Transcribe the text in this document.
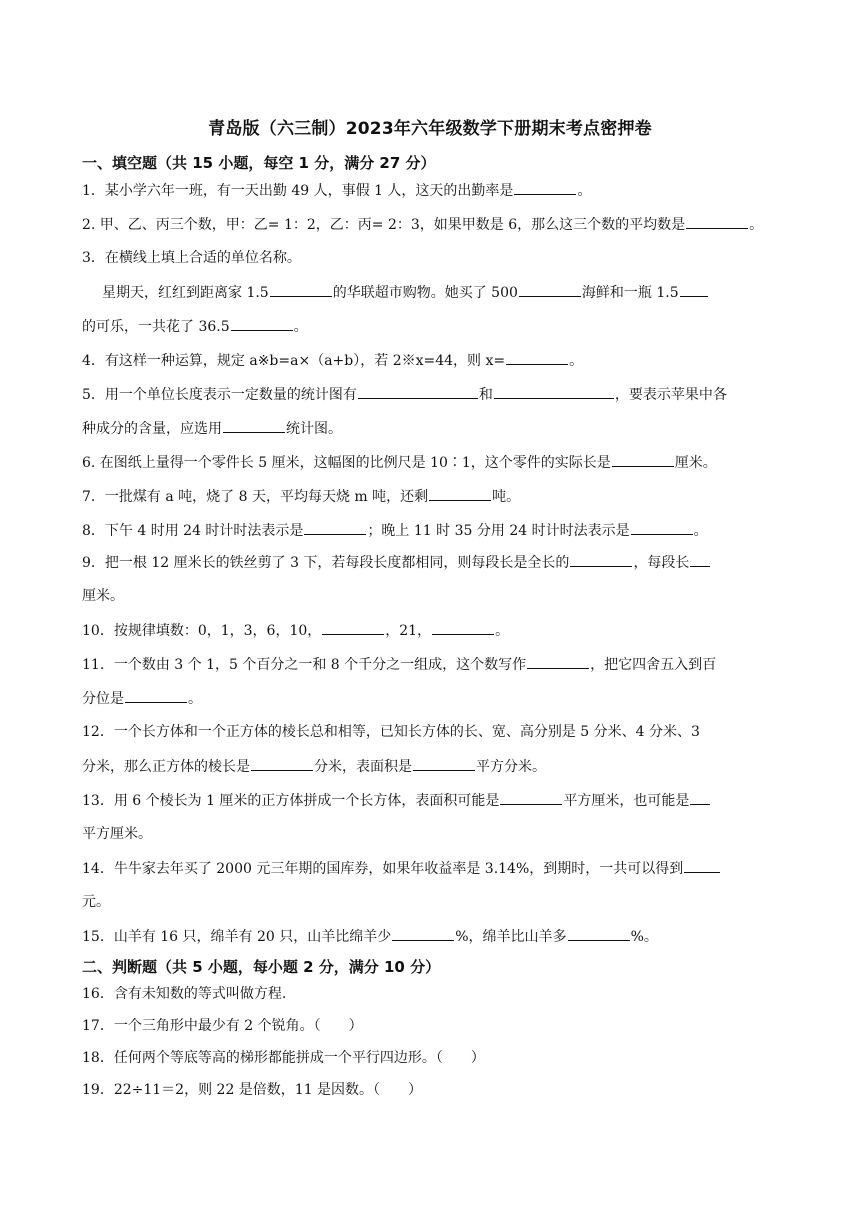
青岛版（六三制）2023年六年级数学下册期末考点密押卷
一、填空题（共 15 小题，每空 1 分，满分 27 分）
1．某小学六年一班，有一天出勤 49 人，事假 1 人，这天的出勤率是	。
2. 甲、乙、丙三个数，甲：乙= 1：2，乙：丙= 2：3，如果甲数是 6，那么这三个数的平均数是	。
3．在横线上填上合适的单位名称。
星期天，红红到距离家 1.5	的华联超市购物。她买了 500	海鲜和一瓶 1.5
的可乐，一共花了 36.5	。
4．有这样一种运算，规定 a※b=a×（a+b），若 2※x=44，则 x=	。
5．用一个单位长度表示一定数量的统计图有	和	，要表示苹果中各
种成分的含量，应选用	统计图。
6. 在图纸上量得一个零件长 5 厘米，这幅图的比例尺是 10∶1，这个零件的实际长是	厘米。
7．一批煤有 a 吨，烧了 8 天，平均每天烧 m 吨，还剩	吨。
8．下午 4 时用 24 时计时法表示是	；晚上 11 时 35 分用 24 时计时法表示是	。
9．把一根 12 厘米长的铁丝剪了 3 下，若每段长度都相同，则每段长是全长的	，每段长
厘米。
10．按规律填数：0，1，3，6，10，	，21，	。
11．一个数由 3 个 1，5 个百分之一和 8 个千分之一组成，这个数写作	，把它四舍五入到百
分位是	。
12．一个长方体和一个正方体的棱长总和相等，已知长方体的长、宽、高分别是 5 分米、4 分米、3
分米，那么正方体的棱长是	分米，表面积是	平方分米。
13．用 6 个棱长为 1 厘米的正方体拼成一个长方体，表面积可能是	平方厘米，也可能是
平方厘米。
14．牛牛家去年买了 2000 元三年期的国库券，如果年收益率是 3.14%，到期时，一共可以得到
元。
15．山羊有 16 只，绵羊有 20 只，山羊比绵羊少	%，绵羊比山羊多	%。
二、判断题（共 5 小题，每小题 2 分，满分 10 分）
16．含有未知数的等式叫做方程.
17．一个三角形中最少有 2 个锐角。（　　）
18．任何两个等底等高的梯形都能拼成一个平行四边形。（　　）
19．22÷11＝2，则 22 是倍数，11 是因数。（　　）
